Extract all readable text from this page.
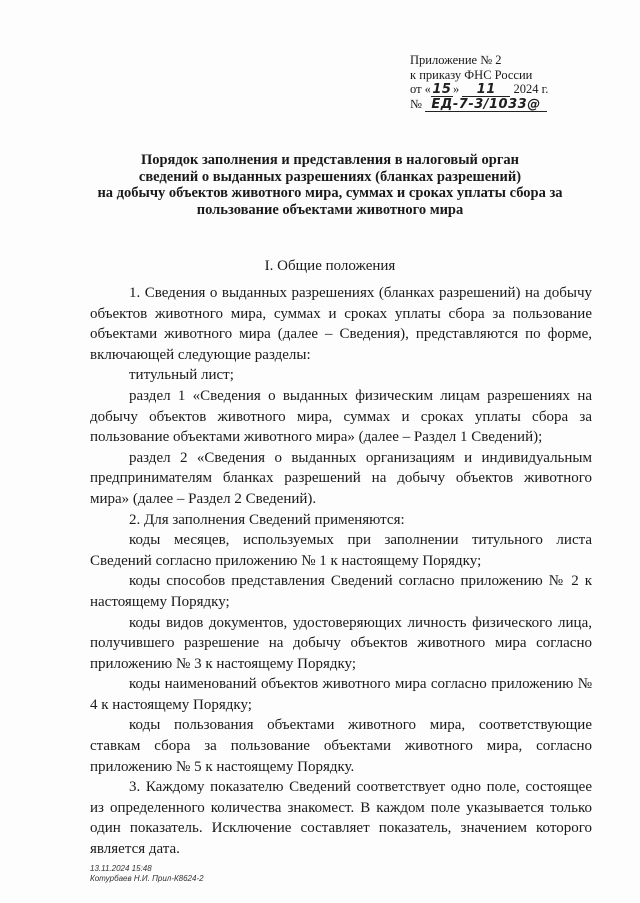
Приложение № 2
к приказу ФНС России
от «15» 11 2024 г.
№ ЕД-7-3/1033@
Порядок заполнения и представления в налоговый орган
сведений о выданных разрешениях (бланках разрешений)
на добычу объектов животного мира, суммах и сроках уплаты сбора за
пользование объектами животного мира
I. Общие положения

1. Сведения о выданных разрешениях (бланках разрешений) на добычу объектов животного мира, суммах и сроках уплаты сбора за пользование объектами животного мира (далее – Сведения), представляются по форме, включающей следующие разделы:

титульный лист;

раздел 1 «Сведения о выданных физическим лицам разрешениях на добычу объектов животного мира, суммах и сроках уплаты сбора за пользование объектами животного мира» (далее – Раздел 1 Сведений);

раздел 2 «Сведения о выданных организациям и индивидуальным предпринимателям бланках разрешений на добычу объектов животного мира» (далее – Раздел 2 Сведений).

2. Для заполнения Сведений применяются:

коды месяцев, используемых при заполнении титульного листа Сведений согласно приложению № 1 к настоящему Порядку;

коды способов представления Сведений согласно приложению № 2 к настоящему Порядку;

коды видов документов, удостоверяющих личность физического лица, получившего разрешение на добычу объектов животного мира согласно приложению № 3 к настоящему Порядку;

коды наименований объектов животного мира согласно приложению № 4 к настоящему Порядку;

коды пользования объектами животного мира, соответствующие ставкам сбора за пользование объектами животного мира, согласно приложению № 5 к настоящему Порядку.

3. Каждому показателю Сведений соответствует одно поле, состоящее из определенного количества знакомест. В каждом поле указывается только один показатель. Исключение составляет показатель, значением которого является дата.

13.11.2024 15:48
Котурбаев Н.И. Прил-К8624-2
